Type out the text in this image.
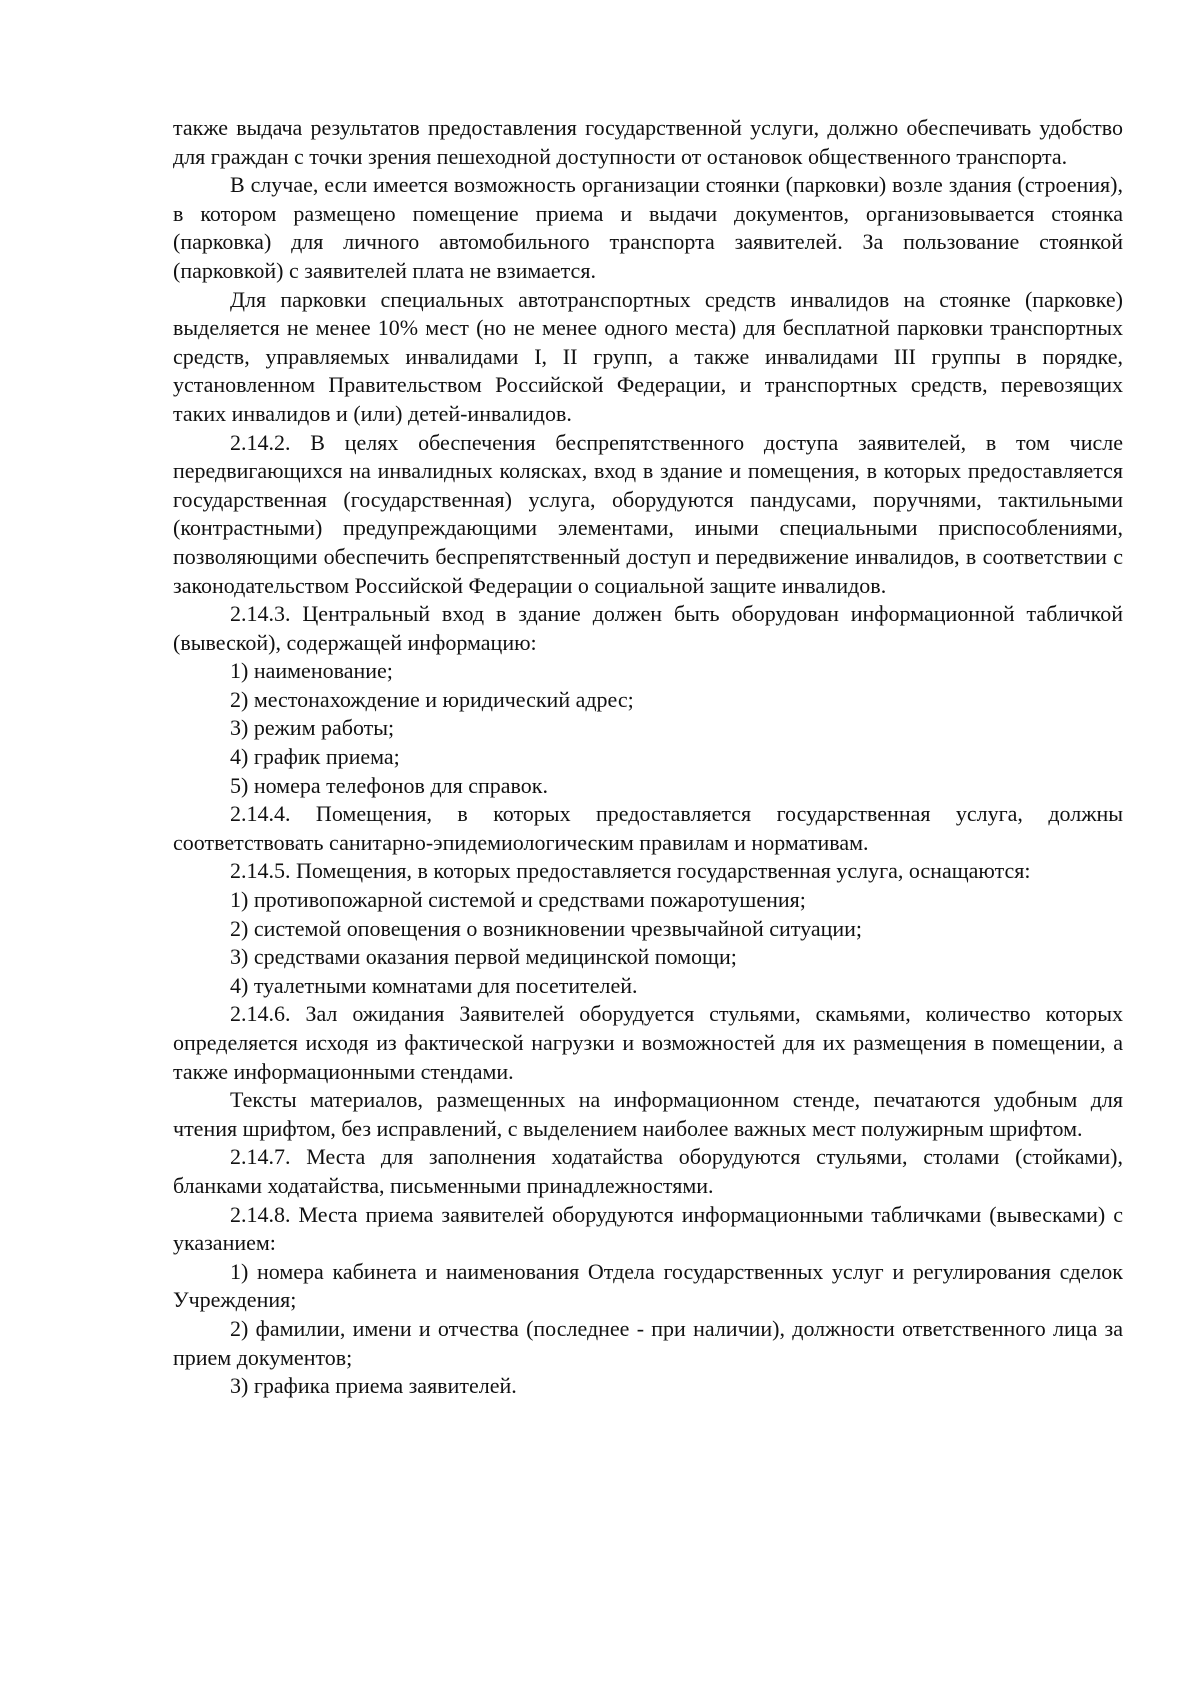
также выдача результатов предоставления государственной услуги, должно обеспечивать удобство для граждан с точки зрения пешеходной доступности от остановок общественного транспорта.

В случае, если имеется возможность организации стоянки (парковки) возле здания (строения), в котором размещено помещение приема и выдачи документов, организовывается стоянка (парковка) для личного автомобильного транспорта заявителей. За пользование стоянкой (парковкой) с заявителей плата не взимается.

Для парковки специальных автотранспортных средств инвалидов на стоянке (парковке) выделяется не менее 10% мест (но не менее одного места) для бесплатной парковки транспортных средств, управляемых инвалидами I, II групп, а также инвалидами III группы в порядке, установленном Правительством Российской Федерации, и транспортных средств, перевозящих таких инвалидов и (или) детей-инвалидов.

2.14.2. В целях обеспечения беспрепятственного доступа заявителей, в том числе передвигающихся на инвалидных колясках, вход в здание и помещения, в которых предоставляется государственная (государственная) услуга, оборудуются пандусами, поручнями, тактильными (контрастными) предупреждающими элементами, иными специальными приспособлениями, позволяющими обеспечить беспрепятственный доступ и передвижение инвалидов, в соответствии с законодательством Российской Федерации о социальной защите инвалидов.

2.14.3. Центральный вход в здание должен быть оборудован информационной табличкой (вывеской), содержащей информацию:

1) наименование;

2) местонахождение и юридический адрес;

3) режим работы;

4) график приема;

5) номера телефонов для справок.

2.14.4. Помещения, в которых предоставляется государственная услуга, должны соответствовать санитарно-эпидемиологическим правилам и нормативам.

2.14.5. Помещения, в которых предоставляется государственная услуга, оснащаются:

1) противопожарной системой и средствами пожаротушения;

2) системой оповещения о возникновении чрезвычайной ситуации;

3) средствами оказания первой медицинской помощи;

4) туалетными комнатами для посетителей.

2.14.6. Зал ожидания Заявителей оборудуется стульями, скамьями, количество которых определяется исходя из фактической нагрузки и возможностей для их размещения в помещении, а также информационными стендами.

Тексты материалов, размещенных на информационном стенде, печатаются удобным для чтения шрифтом, без исправлений, с выделением наиболее важных мест полужирным шрифтом.

2.14.7. Места для заполнения ходатайства оборудуются стульями, столами (стойками), бланками ходатайства, письменными принадлежностями.

2.14.8. Места приема заявителей оборудуются информационными табличками (вывесками) с указанием:

1) номера кабинета и наименования Отдела государственных услуг и регулирования сделок Учреждения;

2) фамилии, имени и отчества (последнее - при наличии), должности ответственного лица за прием документов;

3) графика приема заявителей.
